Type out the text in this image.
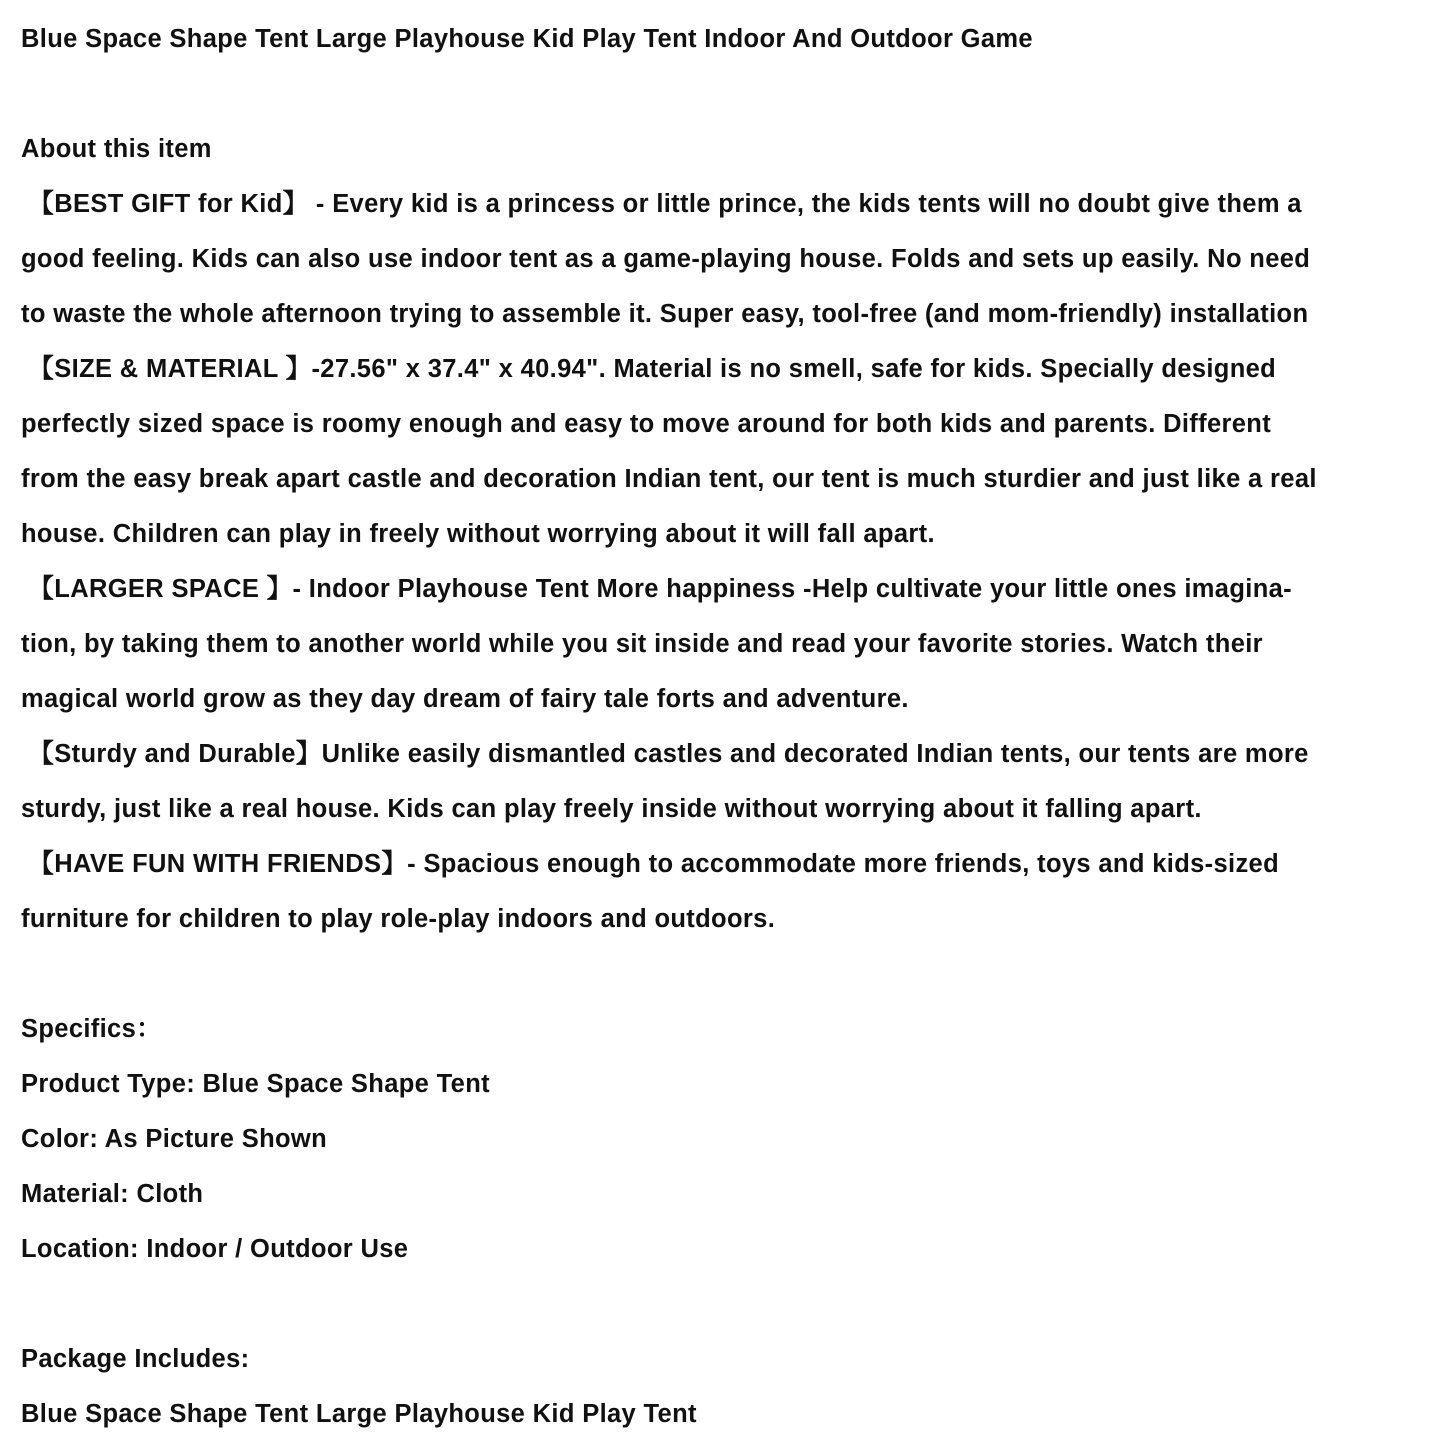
Blue Space Shape Tent Large Playhouse Kid Play Tent Indoor And Outdoor Game
About this item
【BEST GIFT for Kid】 - Every kid is a princess or little prince, the kids tents will no doubt give them a
good feeling. Kids can also use indoor tent as a game-playing house. Folds and sets up easily. No need
to waste the whole afternoon trying to assemble it. Super easy, tool-free (and mom-friendly) installation
【SIZE & MATERIAL 】-27.56" x 37.4" x 40.94". Material is no smell, safe for kids. Specially designed
perfectly sized space is roomy enough and easy to move around for both kids and parents. Different
from the easy break apart castle and decoration Indian tent, our tent is much sturdier and just like a real
house. Children can play in freely without worrying about it will fall apart.
【LARGER SPACE 】- Indoor Playhouse Tent More happiness -Help cultivate your little ones imagina-
tion, by taking them to another world while you sit inside and read your favorite stories. Watch their
magical world grow as they day dream of fairy tale forts and adventure.
【Sturdy and Durable】Unlike easily dismantled castles and decorated Indian tents, our tents are more
sturdy, just like a real house. Kids can play freely inside without worrying about it falling apart.
【HAVE FUN WITH FRIENDS】- Spacious enough to accommodate more friends, toys and kids-sized
furniture for children to play role-play indoors and outdoors.
Specifics：
Product Type: Blue Space Shape Tent
Color: As Picture Shown
Material: Cloth
Location: Indoor / Outdoor Use
Package Includes:
Blue Space Shape Tent Large Playhouse Kid Play Tent
